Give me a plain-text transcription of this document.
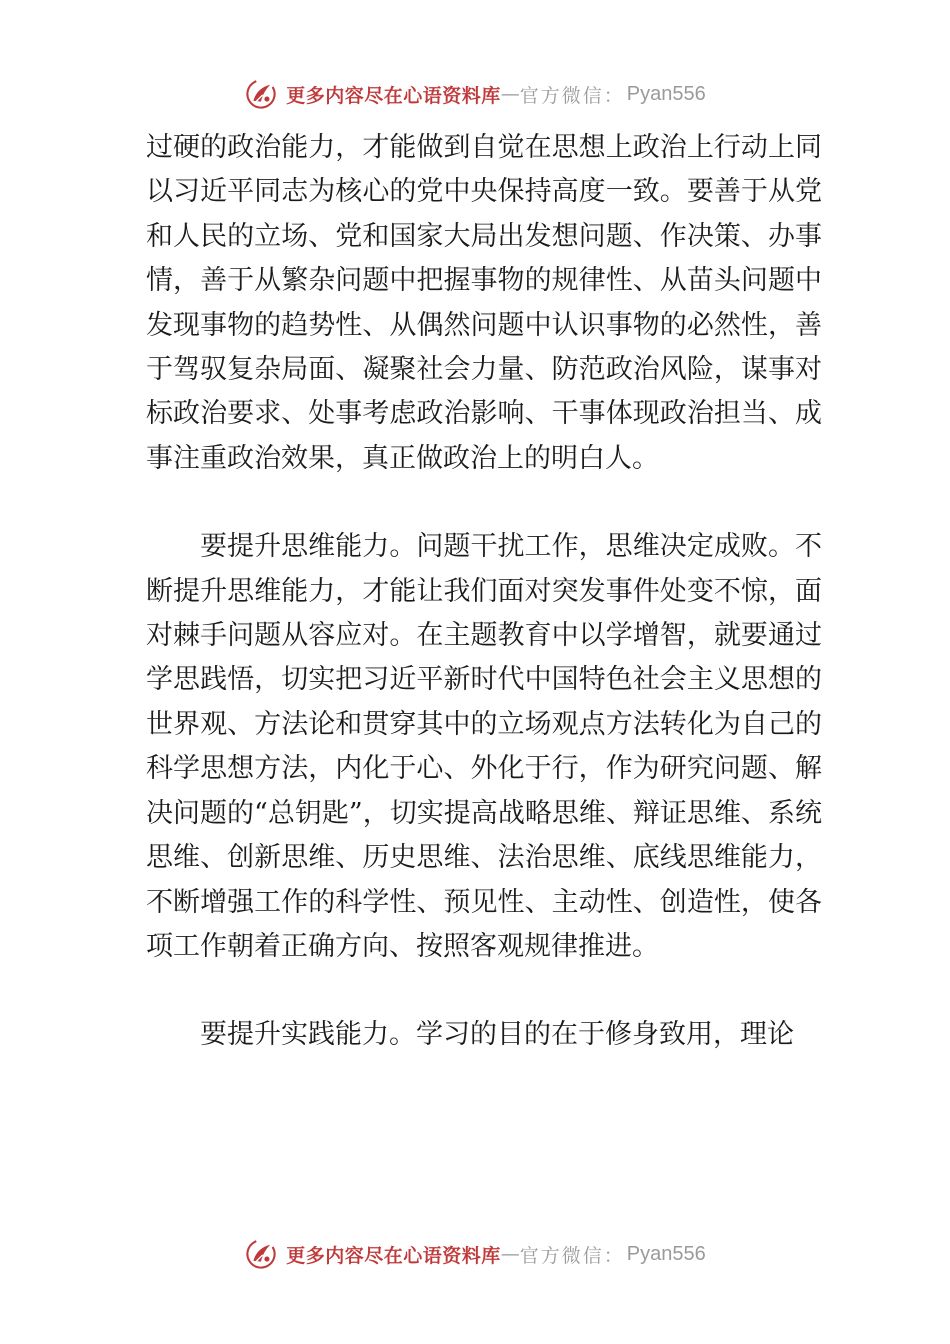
更多内容尽在心语资料库 — 官方微信： Pyan556

过硬的政治能力，才能做到自觉在思想上政治上行动上同以习近平同志为核心的党中央保持高度一致。要善于从党和人民的立场、党和国家大局出发想问题、作决策、办事情，善于从繁杂问题中把握事物的规律性、从苗头问题中发现事物的趋势性、从偶然问题中认识事物的必然性，善于驾驭复杂局面、凝聚社会力量、防范政治风险，谋事对标政治要求、处事考虑政治影响、干事体现政治担当、成事注重政治效果，真正做政治上的明白人。

要提升思维能力。问题干扰工作，思维决定成败。不断提升思维能力，才能让我们面对突发事件处变不惊，面对棘手问题从容应对。在主题教育中以学增智，就要通过学思践悟，切实把习近平新时代中国特色社会主义思想的世界观、方法论和贯穿其中的立场观点方法转化为自己的科学思想方法，内化于心、外化于行，作为研究问题、解决问题的“总钥匙”，切实提高战略思维、辩证思维、系统思维、创新思维、历史思维、法治思维、底线思维能力，不断增强工作的科学性、预见性、主动性、创造性，使各项工作朝着正确方向、按照客观规律推进。

要提升实践能力。学习的目的在于修身致用，理论

更多内容尽在心语资料库 — 官方微信： Pyan556
